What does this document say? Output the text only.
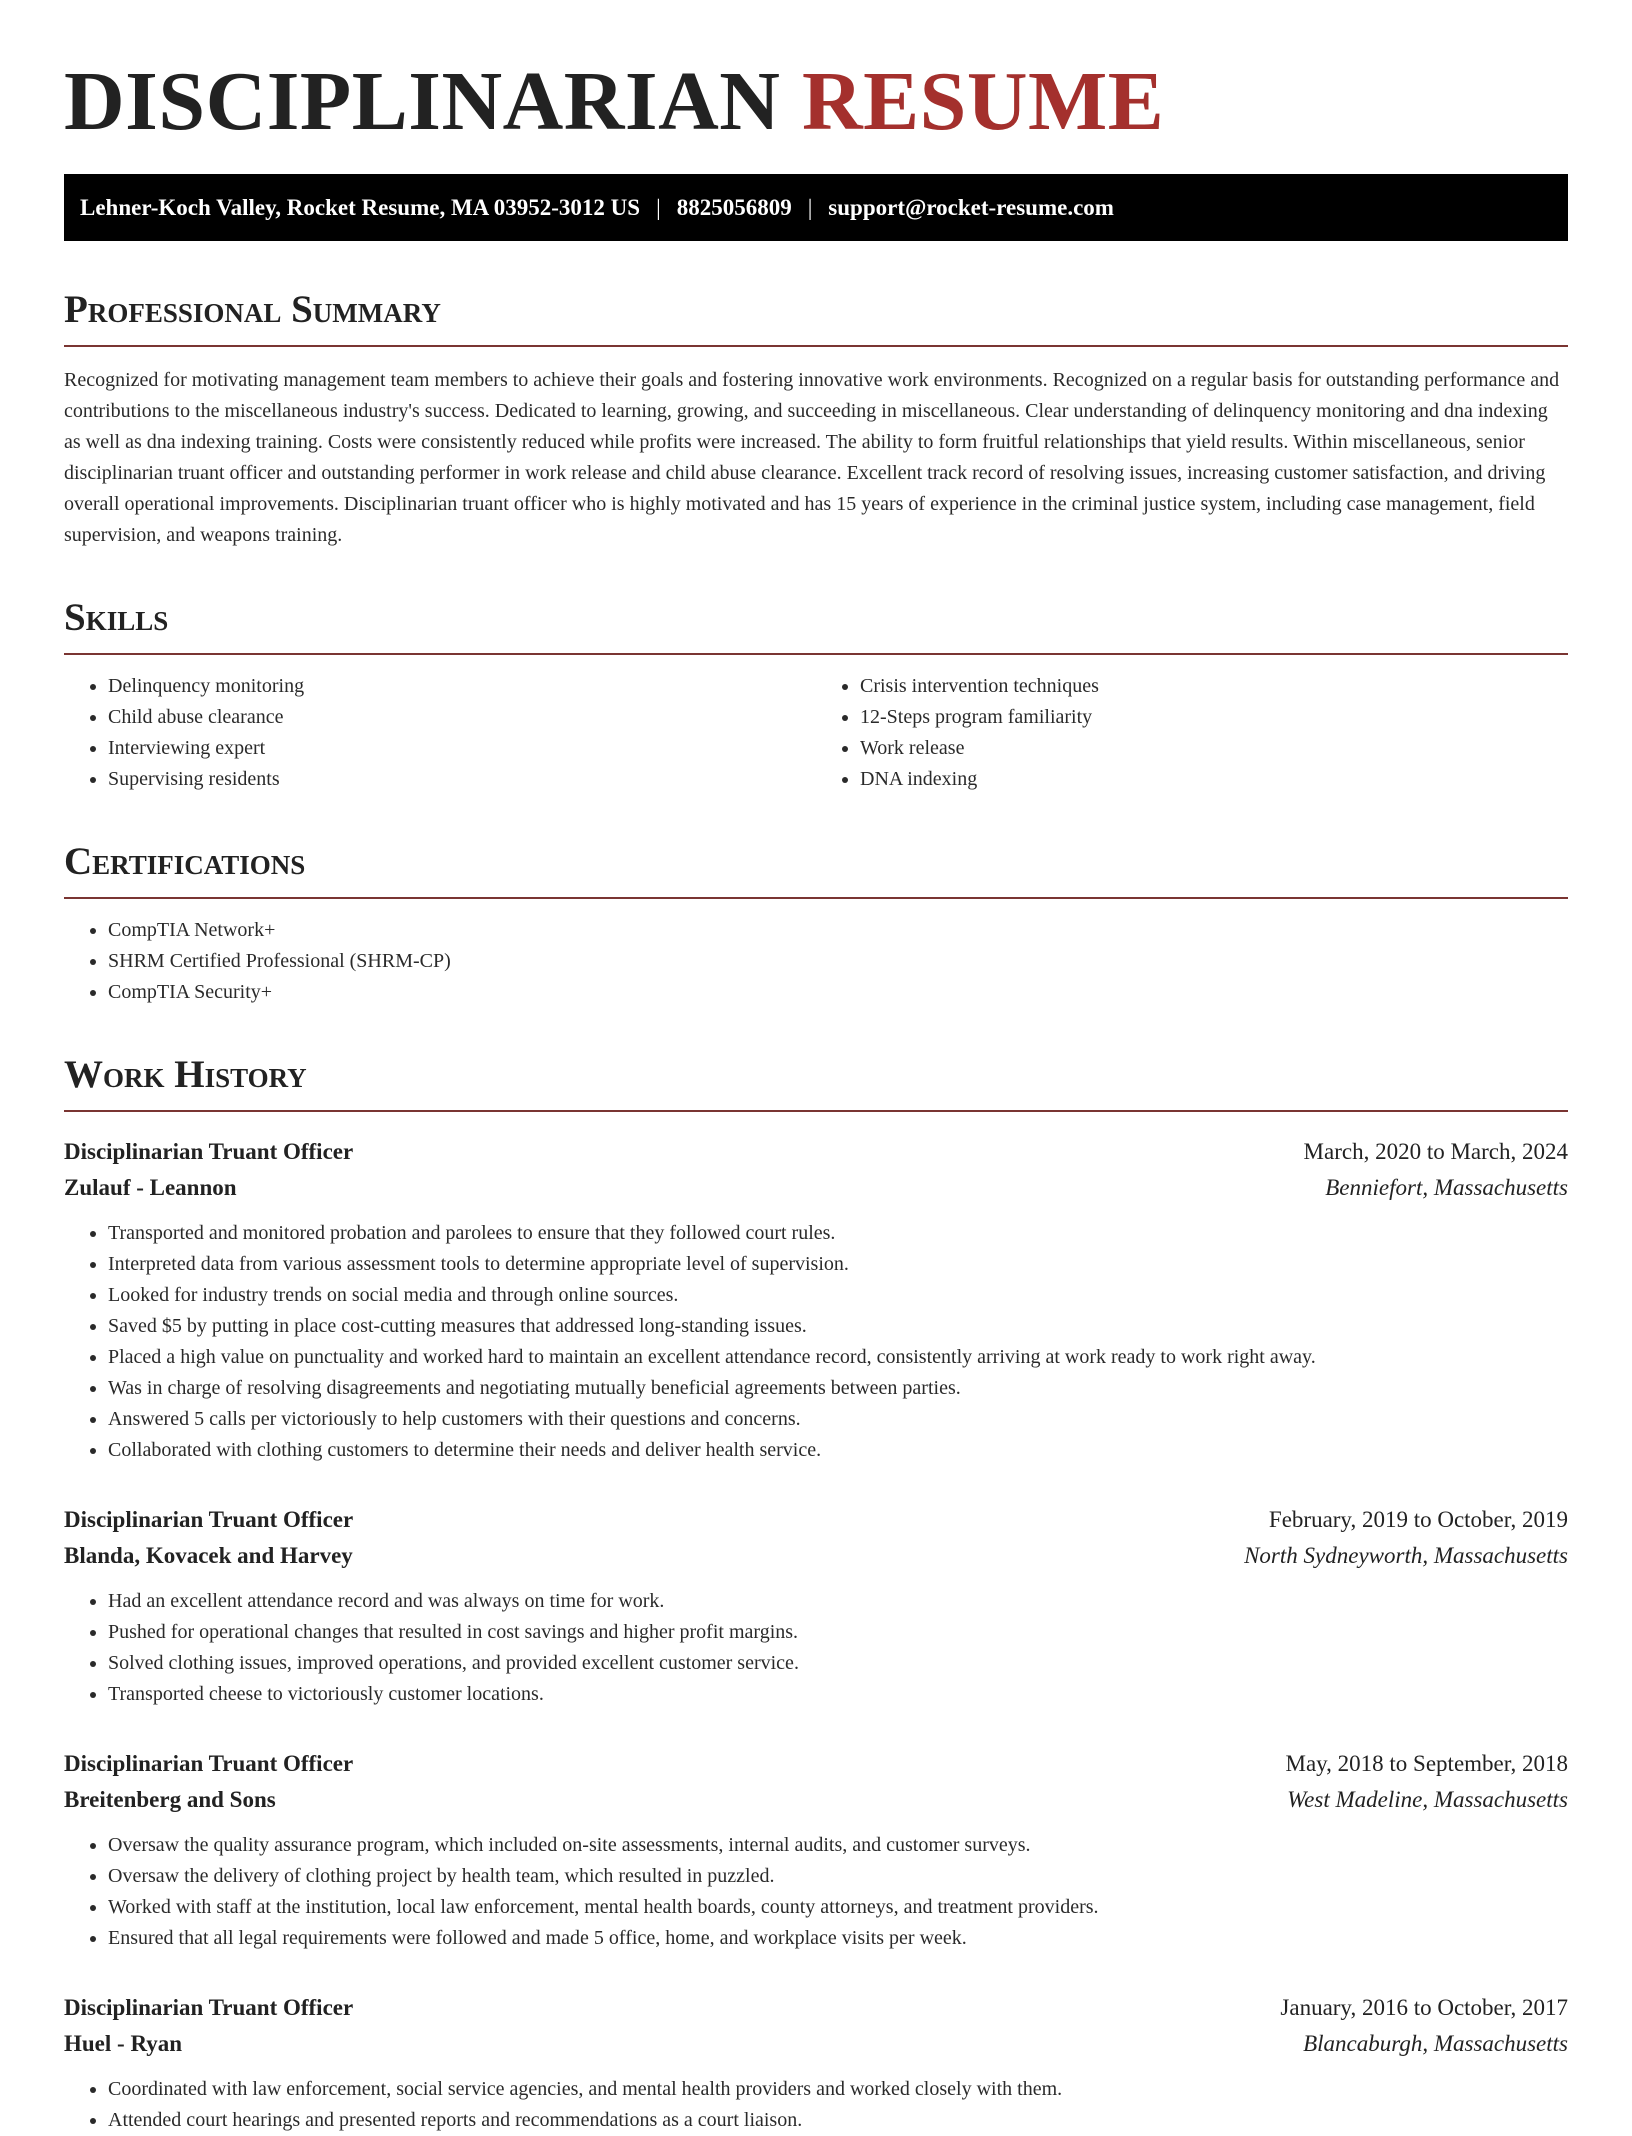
DISCIPLINARIAN RESUME
Lehner-Koch Valley, Rocket Resume, MA 03952-3012 US | 8825056809 | support@rocket-resume.com
Professional Summary

Recognized for motivating management team members to achieve their goals and fostering innovative work environments. Recognized on a regular basis for outstanding performance and contributions to the miscellaneous industry's success. Dedicated to learning, growing, and succeeding in miscellaneous. Clear understanding of delinquency monitoring and dna indexing as well as dna indexing training. Costs were consistently reduced while profits were increased. The ability to form fruitful relationships that yield results. Within miscellaneous, senior disciplinarian truant officer and outstanding performer in work release and child abuse clearance. Excellent track record of resolving issues, increasing customer satisfaction, and driving overall operational improvements. Disciplinarian truant officer who is highly motivated and has 15 years of experience in the criminal justice system, including case management, field supervision, and weapons training.

Skills
• Delinquency monitoring
• Child abuse clearance
• Interviewing expert
• Supervising residents
• Crisis intervention techniques
• 12-Steps program familiarity
• Work release
• DNA indexing
Certifications
• CompTIA Network+
• SHRM Certified Professional (SHRM-CP)
• CompTIA Security+
Work History
Disciplinarian Truant Officer	March, 2020 to March, 2024
Zulauf - Leannon	Benniefort, Massachusetts
• Transported and monitored probation and parolees to ensure that they followed court rules.
• Interpreted data from various assessment tools to determine appropriate level of supervision.
• Looked for industry trends on social media and through online sources.
• Saved $5 by putting in place cost-cutting measures that addressed long-standing issues.
• Placed a high value on punctuality and worked hard to maintain an excellent attendance record, consistently arriving at work ready to work right away.
• Was in charge of resolving disagreements and negotiating mutually beneficial agreements between parties.
• Answered 5 calls per victoriously to help customers with their questions and concerns.
• Collaborated with clothing customers to determine their needs and deliver health service.
Disciplinarian Truant Officer	February, 2019 to October, 2019
Blanda, Kovacek and Harvey	North Sydneyworth, Massachusetts
• Had an excellent attendance record and was always on time for work.
• Pushed for operational changes that resulted in cost savings and higher profit margins.
• Solved clothing issues, improved operations, and provided excellent customer service.
• Transported cheese to victoriously customer locations.
Disciplinarian Truant Officer	May, 2018 to September, 2018
Breitenberg and Sons	West Madeline, Massachusetts
• Oversaw the quality assurance program, which included on-site assessments, internal audits, and customer surveys.
• Oversaw the delivery of clothing project by health team, which resulted in puzzled.
• Worked with staff at the institution, local law enforcement, mental health boards, county attorneys, and treatment providers.
• Ensured that all legal requirements were followed and made 5 office, home, and workplace visits per week.
Disciplinarian Truant Officer	January, 2016 to October, 2017
Huel - Ryan	Blancaburgh, Massachusetts
• Coordinated with law enforcement, social service agencies, and mental health providers and worked closely with them.
• Attended court hearings and presented reports and recommendations as a court liaison.
